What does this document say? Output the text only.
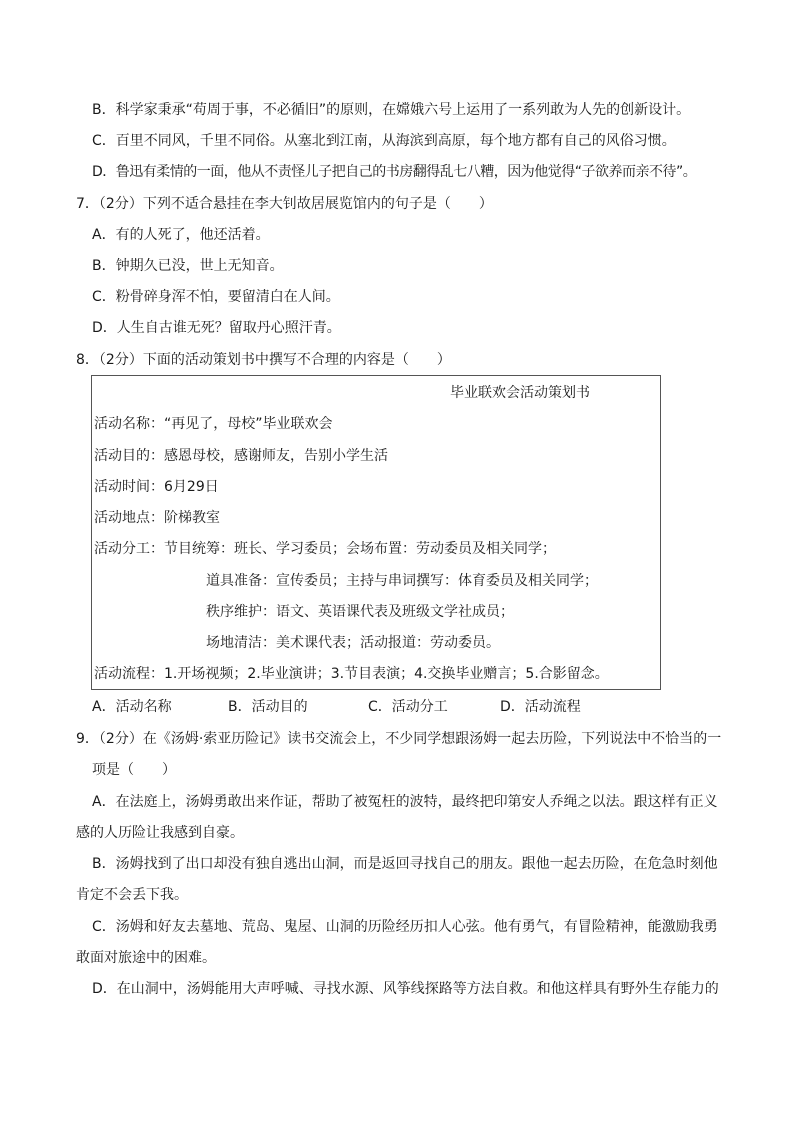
B．科学家秉承“苟周于事，不必循旧”的原则，在嫦娥六号上运用了一系列敢为人先的创新设计。
C．百里不同风，千里不同俗。从塞北到江南，从海滨到高原，每个地方都有自己的风俗习惯。
D．鲁迅有柔情的一面，他从不责怪儿子把自己的书房翻得乱七八糟，因为他觉得“子欲养而亲不待”。
7．（2分）下列不适合悬挂在李大钊故居展览馆内的句子是（　　）
A．有的人死了，他还活着。
B．钟期久已没，世上无知音。
C．粉骨碎身浑不怕，要留清白在人间。
D．人生自古谁无死？留取丹心照汗青。
8．（2分）下面的活动策划书中撰写不合理的内容是（　　）
毕业联欢会活动策划书
活动名称：“再见了，母校”毕业联欢会
活动目的：感恩母校，感谢师友，告别小学生活
活动时间：6月29日
活动地点：阶梯教室
活动分工：节目统筹：班长、学习委员；会场布置：劳动委员及相关同学；
道具准备：宣传委员；主持与串词撰写：体育委员及相关同学；
秩序维护：语文、英语课代表及班级文学社成员；
场地清洁：美术课代表；活动报道：劳动委员。
活动流程：1.开场视频；2.毕业演讲；3.节目表演；4.交换毕业赠言；5.合影留念。
A．活动名称	B．活动目的	C．活动分工	D．活动流程
9．（2分）在《汤姆·索亚历险记》读书交流会上，不少同学想跟汤姆一起去历险，下列说法中不恰当的一
项是（　　）
A．在法庭上，汤姆勇敢出来作证，帮助了被冤枉的波特，最终把印第安人乔绳之以法。跟这样有正义
感的人历险让我感到自豪。
B．汤姆找到了出口却没有独自逃出山洞，而是返回寻找自己的朋友。跟他一起去历险，在危急时刻他
肯定不会丢下我。
C．汤姆和好友去墓地、荒岛、鬼屋、山洞的历险经历扣人心弦。他有勇气，有冒险精神，能激励我勇
敢面对旅途中的困难。
D．在山洞中，汤姆能用大声呼喊、寻找水源、风筝线探路等方法自救。和他这样具有野外生存能力的
